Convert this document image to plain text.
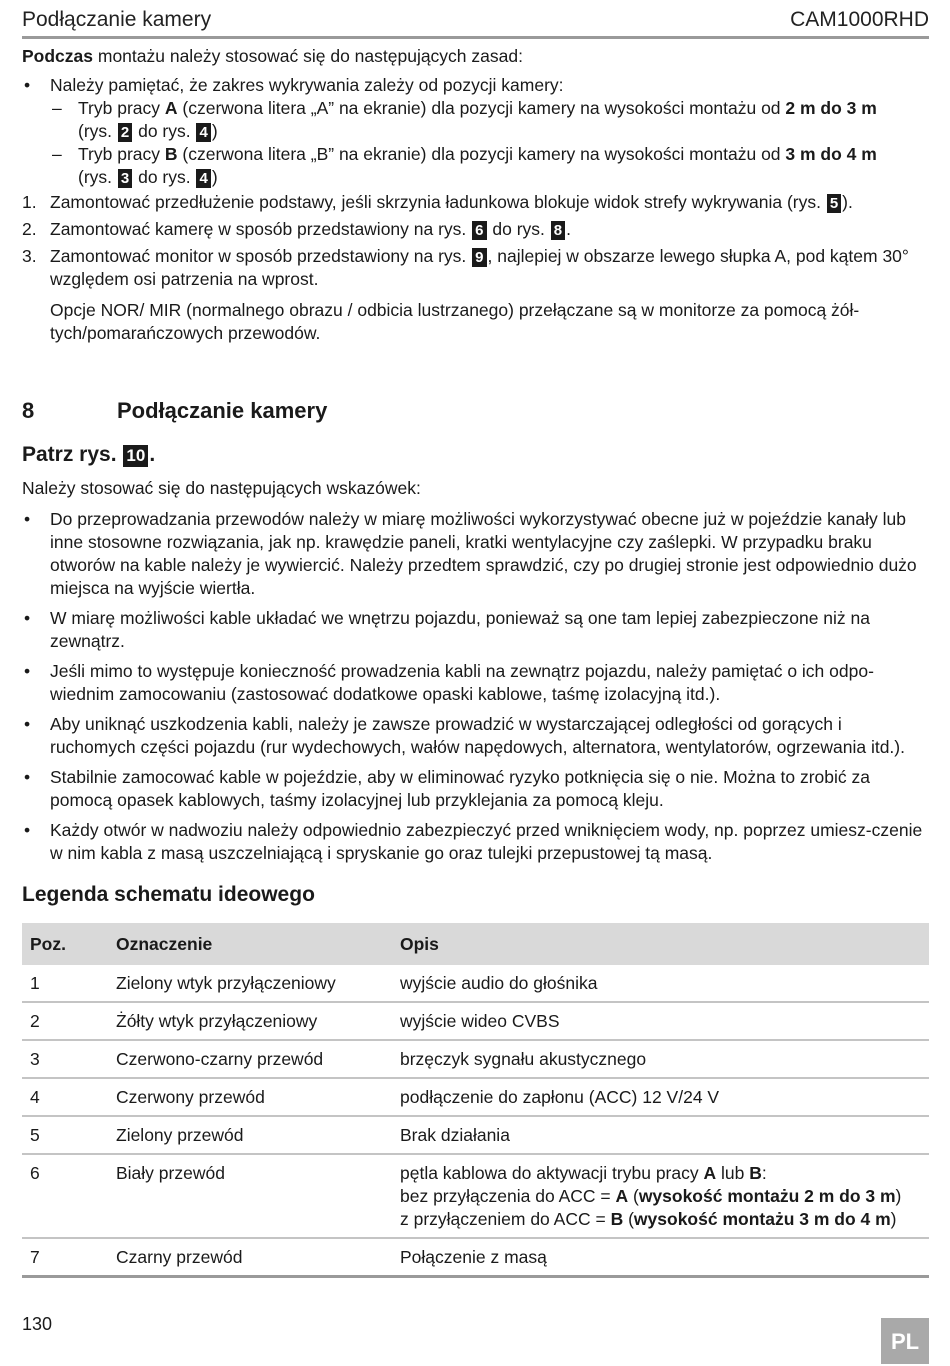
Podłączanie kamery	CAM1000RHD

Podczas montażu należy stosować się do następujących zasad:

• Należy pamiętać, że zakres wykrywania zależy od pozycji kamery:
– Tryb pracy A (czerwona litera „A” na ekranie) dla pozycji kamery na wysokości montażu od 2 m do 3 m
(rys. 2 do rys. 4 )
– Tryb pracy B (czerwona litera „B” na ekranie) dla pozycji kamery na wysokości montażu od 3 m do 4 m
(rys. 3 do rys. 4 )
1. Zamontować przedłużenie podstawy, jeśli skrzynia ładunkowa blokuje widok strefy wykrywania (rys. 5 ).
2. Zamontować kamerę w sposób przedstawiony na rys. 6 do rys. 8 .
3. Zamontować monitor w sposób przedstawiony na rys. 9 , najlepiej w obszarze lewego słupka A, pod kątem 30° względem osi patrzenia na wprost.

Opcje NOR/ MIR (normalnego obrazu / odbicia lustrzanego) przełączane są w monitorze za pomocą żół-tych/pomarańczowych przewodów.

8	Podłączanie kamery
Patrz rys. 10 .

Należy stosować się do następujących wskazówek:

• Do przeprowadzania przewodów należy w miarę możliwości wykorzystywać obecne już w pojeździe kanały lub inne stosowne rozwiązania, jak np. krawędzie paneli, kratki wentylacyjne czy zaślepki. W przypadku braku otworów na kable należy je wywiercić. Należy przedtem sprawdzić, czy po drugiej stronie jest odpowiednio dużo miejsca na wyjście wiertła.
• W miarę możliwości kable układać we wnętrzu pojazdu, ponieważ są one tam lepiej zabezpieczone niż na zewnątrz.
• Jeśli mimo to występuje konieczność prowadzenia kabli na zewnątrz pojazdu, należy pamiętać o ich odpo-wiednim zamocowaniu (zastosować dodatkowe opaski kablowe, taśmę izolacyjną itd.).
• Aby uniknąć uszkodzenia kabli, należy je zawsze prowadzić w wystarczającej odległości od gorących i ruchomych części pojazdu (rur wydechowych, wałów napędowych, alternatora, wentylatorów, ogrzewania itd.).
• Stabilnie zamocować kable w pojeździe, aby w eliminować ryzyko potknięcia się o nie. Można to zrobić za pomocą opasek kablowych, taśmy izolacyjnej lub przyklejania za pomocą kleju.
• Każdy otwór w nadwoziu należy odpowiednio zabezpieczyć przed wniknięciem wody, np. poprzez umiesz-czenie w nim kabla z masą uszczelniającą i spryskanie go oraz tulejki przepustowej tą masą.
Legenda schematu ideowego
Poz.	Oznaczenie	Opis
1	Zielony wtyk przyłączeniowy	wyjście audio do głośnika
2	Żółty wtyk przyłączeniowy	wyjście wideo CVBS
3	Czerwono-czarny przewód	brzęczyk sygnału akustycznego
4	Czerwony przewód	podłączenie do zapłonu (ACC) 12 V/24 V
5	Zielony przewód	Brak działania
6	Biały przewód	pętla kablowa do aktywacji trybu pracy A lub B:
bez przyłączenia do ACC = A (wysokość montażu 2 m do 3 m)
z przyłączeniem do ACC = B (wysokość montażu 3 m do 4 m)
7	Czarny przewód	Połączenie z masą
130
PL
